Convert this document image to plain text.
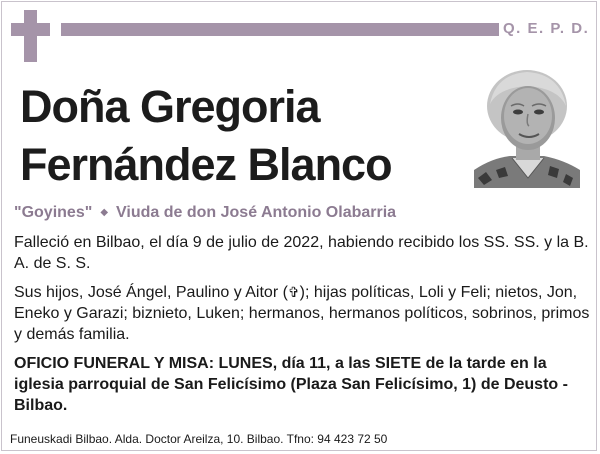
Q. E. P. D.
Doña Gregoria
Fernández Blanco
"Goyines" ◆ Viuda de don José Antonio Olabarria
Falleció en Bilbao, el día 9 de julio de 2022, habiendo recibido los SS. SS. y la B. A. de S. S.
Sus hijos, José Ángel, Paulino y Aitor (✞); hijas políticas, Loli y Feli; nietos, Jon, Eneko y Garazi; biznieto, Luken; hermanos, hermanos políticos, sobrinos, primos y demás familia.
OFICIO FUNERAL Y MISA: LUNES, día 11, a las SIETE de la tarde en la iglesia parroquial de San Felicísimo (Plaza San Felicísimo, 1) de Deusto - Bilbao.
Funeuskadi Bilbao. Alda. Doctor Areilza, 10. Bilbao. Tfno: 94 423 72 50
